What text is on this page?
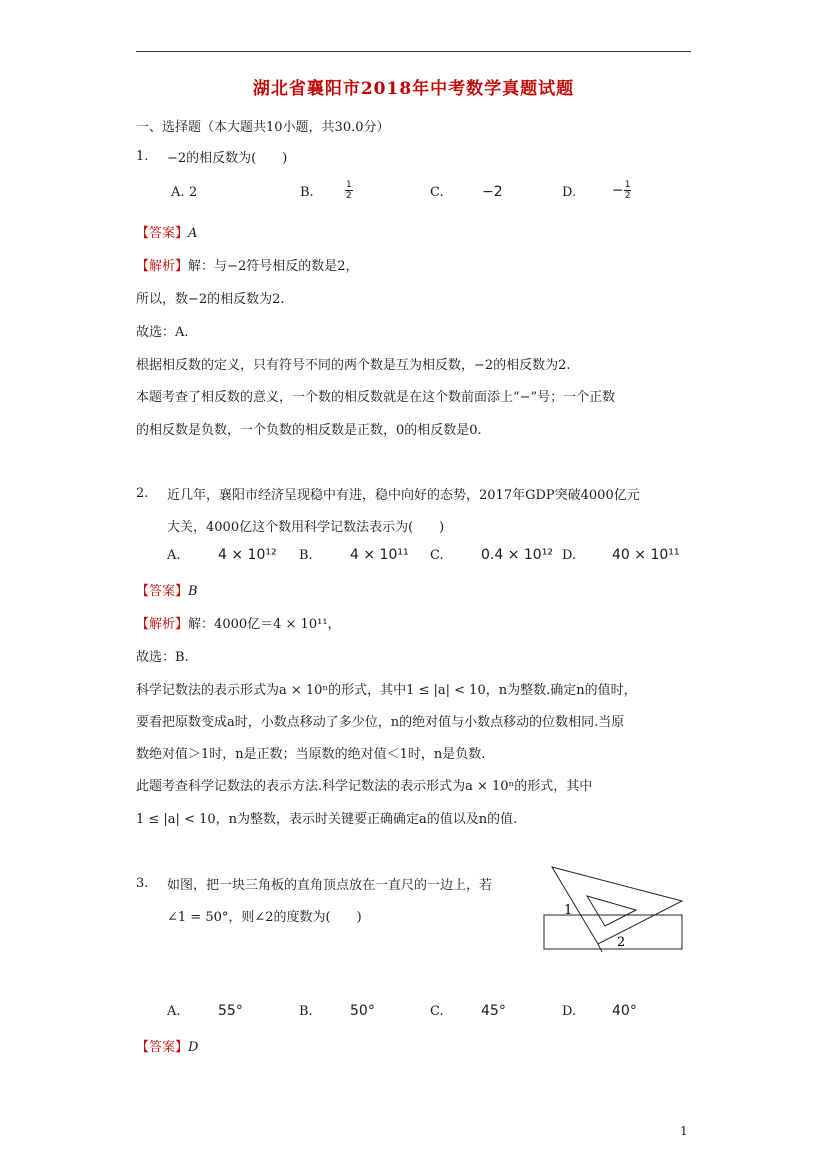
湖北省襄阳市2018年中考数学真题试题
一、选择题（本大题共10小题，共30.0分）
1. −2的相反数为(　　)
A. 2	B.	$\frac{1}{2}$	C.	−2	D.	− $\frac{1}{2}$
【答案】A
【解析】解：与−2符号相反的数是2，
所以，数−2的相反数为2.
故选：A.
根据相反数的定义，只有符号不同的两个数是互为相反数，−2的相反数为2.
本题考查了相反数的意义，一个数的相反数就是在这个数前面添上“−”号；一个正数
的相反数是负数，一个负数的相反数是正数，0的相反数是0.
2. 近几年，襄阳市经济呈现稳中有进，稳中向好的态势，2017年GDP突破4000亿元
大关，4000亿这个数用科学记数法表示为(　　)
A.	4 × 10¹² B.	4 × 10¹¹ C.	0.4 × 10¹² D.	40 × 10¹¹
【答案】B
【解析】解：4000亿＝4 × 10¹¹，
故选：B.
科学记数法的表示形式为a × 10ⁿ的形式，其中1 ≤ |a| < 10，n为整数.确定n的值时，
要看把原数变成a时，小数点移动了多少位，n的绝对值与小数点移动的位数相同.当原
数绝对值＞1时，n是正数；当原数的绝对值＜1时，n是负数.
此题考查科学记数法的表示方法.科学记数法的表示形式为a × 10ⁿ的形式，其中
1 ≤ |a| < 10，n为整数，表示时关键要正确确定a的值以及n的值.
3. 如图，把一块三角板的直角顶点放在一直尺的一边上，若
∠1 = 50°，则∠2的度数为(　　)	1
2
A.	55°	B.	50°	C.	45°	D.	40°
【答案】D
1
